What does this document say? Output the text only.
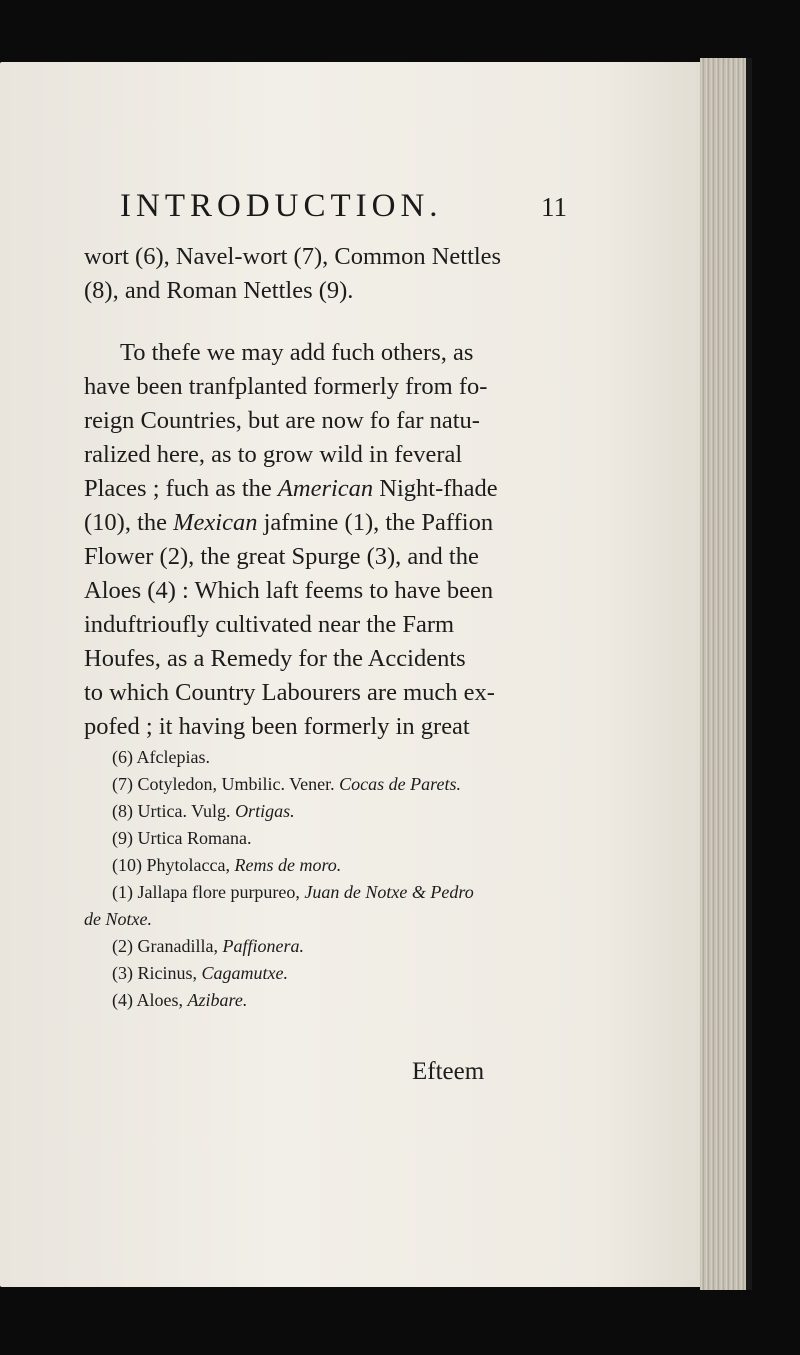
INTRODUCTION.	11
wort (6), Navel-wort (7), Common Nettles
(8), and Roman Nettles (9).
To thefe we may add fuch others, as
have been tranfplanted formerly from fo-
reign Countries, but are now fo far natu-
ralized here, as to grow wild in feveral
Places ; fuch as the American Night-fhade
(10), the Mexican jafmine (1), the Paffion
Flower (2), the great Spurge (3), and the
Aloes (4) : Which laft feems to have been
induftrioufly cultivated near the Farm
Houfes, as a Remedy for the Accidents
to which Country Labourers are much ex-
pofed ; it having been formerly in great
(6) Afclepias.
(7) Cotyledon, Umbilic. Vener. Cocas de Parets.
(8) Urtica. Vulg. Ortigas.
(9) Urtica Romana.
(10) Phytolacca, Rems de moro.
(1) Jallapa flore purpureo, Juan de Notxe & Pedro
de Notxe.
(2) Granadilla, Paffionera.
(3) Ricinus, Cagamutxe.
(4) Aloes, Azibare.
Efteem
